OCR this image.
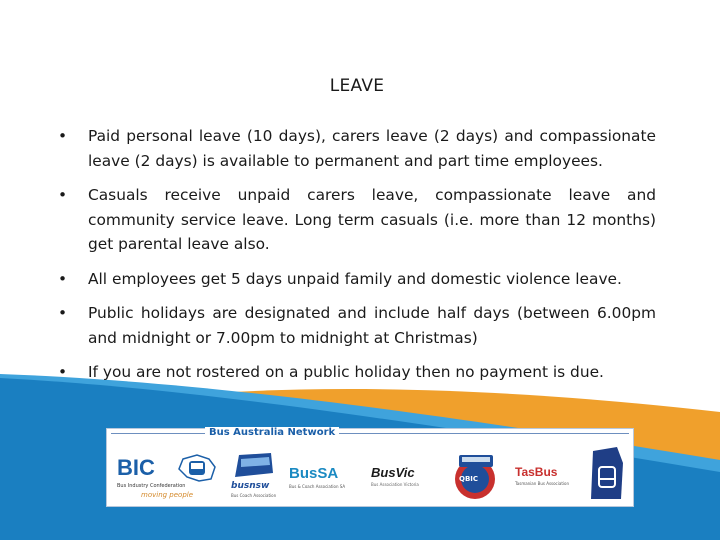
LEAVE
• Paid personal leave (10 days), carers leave (2 days) and compassionate leave (2 days) is available to permanent and part time employees.
• Casuals receive unpaid carers leave, compassionate leave and community service leave. Long term casuals (i.e. more than 12 months) get parental leave also.
• All employees get 5 days unpaid family and domestic violence leave.
• Public holidays are designated and include half days (between 6.00pm and midnight or 7.00pm to midnight at Christmas)
• If you are not rostered on a public holiday then no payment is due.
Bus Australia Network
BIC
Bus Industry Confederation
moving people
busnsw
Bus Coach Association
BusSA
Bus & Coach Association SA
BusVic
Bus Association Victoria
QBIC	TasBus
Tasmanian Bus Association
